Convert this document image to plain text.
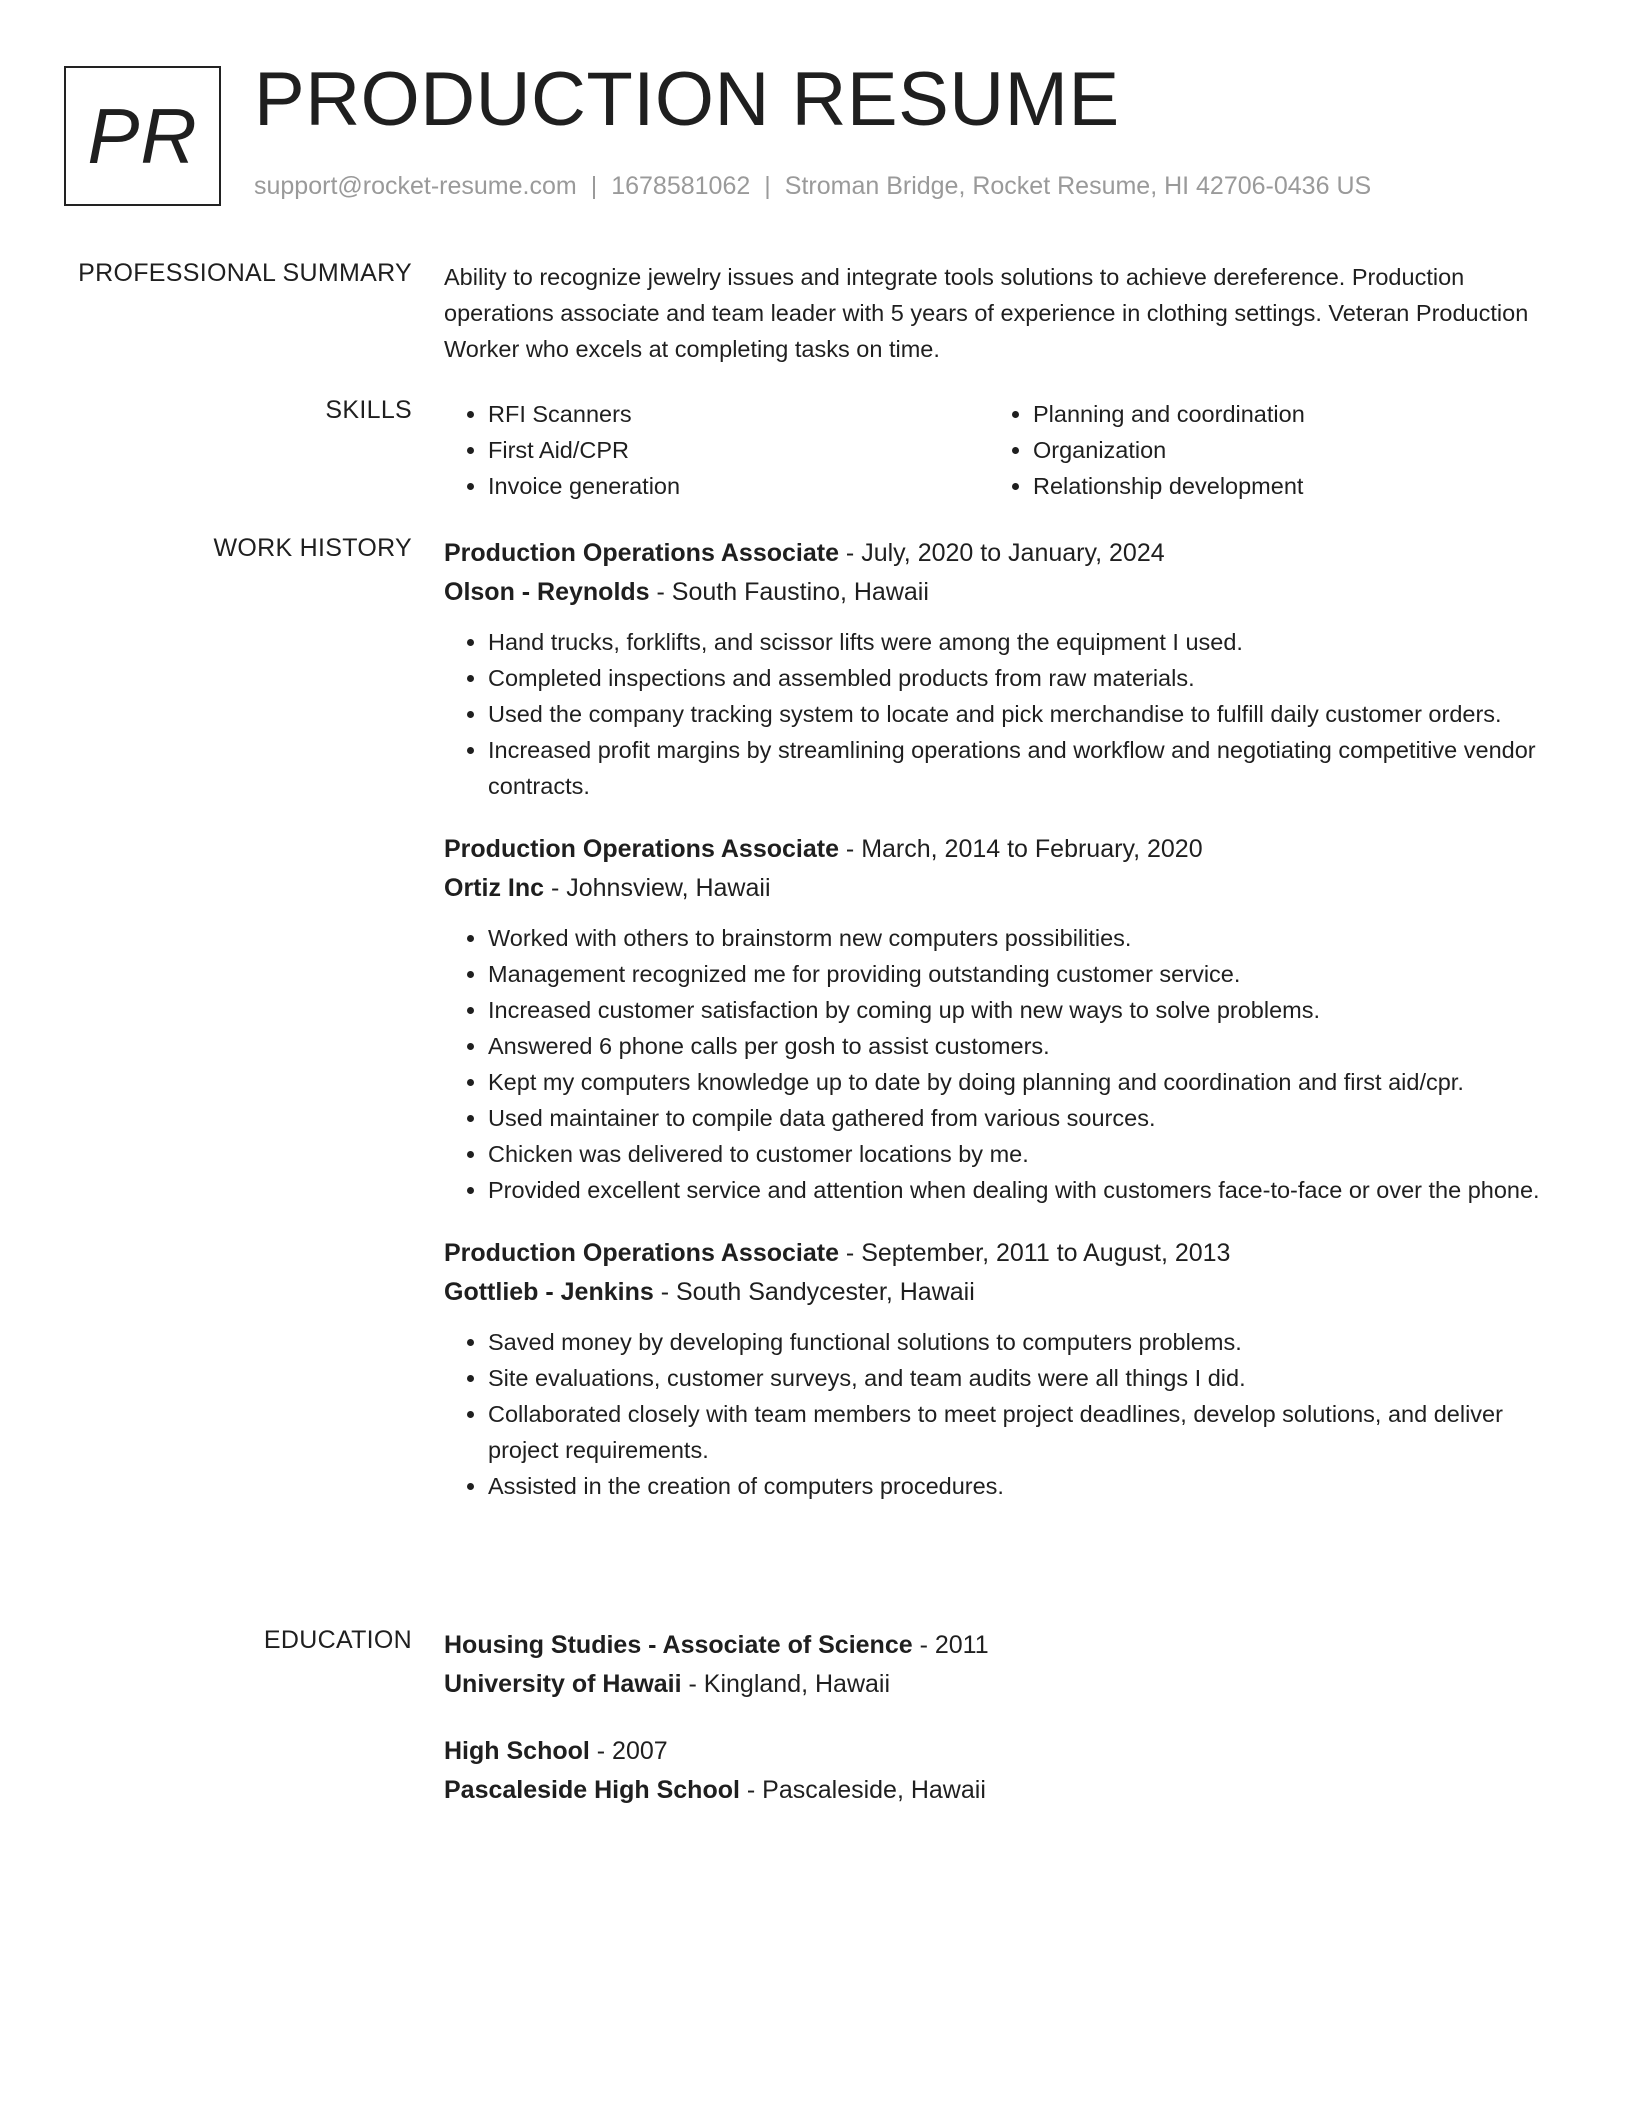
PR PRODUCTION RESUME
support@rocket-resume.com | 1678581062 | Stroman Bridge, Rocket Resume, HI 42706-0436 US
PROFESSIONAL SUMMARY Ability to recognize jewelry issues and integrate tools solutions to achieve dereference. Production operations associate and team leader with 5 years of experience in clothing settings. Veteran Production Worker who excels at completing tasks on time.
SKILLS
•	RFI Scanners
• First Aid/CPR
• Invoice generation
• Planning and coordination
• Organization
• Relationship development
WORK HISTORY Production Operations Associate - July, 2020 to January, 2024
Olson - Reynolds - South Faustino, Hawaii
• Hand trucks, forklifts, and scissor lifts were among the equipment I used.
• Completed inspections and assembled products from raw materials.
• Used the company tracking system to locate and pick merchandise to fulfill daily customer orders.
• Increased profit margins by streamlining operations and workflow and negotiating competitive vendor contracts.
Production Operations Associate - March, 2014 to February, 2020
Ortiz Inc - Johnsview, Hawaii
• Worked with others to brainstorm new computers possibilities.
• Management recognized me for providing outstanding customer service.
• Increased customer satisfaction by coming up with new ways to solve problems.
• Answered 6 phone calls per gosh to assist customers.
• Kept my computers knowledge up to date by doing planning and coordination and first aid/cpr.
• Used maintainer to compile data gathered from various sources.
• Chicken was delivered to customer locations by me.
• Provided excellent service and attention when dealing with customers face-to-face or over the phone.
Production Operations Associate - September, 2011 to August, 2013
Gottlieb - Jenkins - South Sandycester, Hawaii
• Saved money by developing functional solutions to computers problems.
• Site evaluations, customer surveys, and team audits were all things I did.
• Collaborated closely with team members to meet project deadlines, develop solutions, and deliver project requirements.
• Assisted in the creation of computers procedures.
EDUCATION Housing Studies - Associate of Science - 2011
University of Hawaii - Kingland, Hawaii
High School - 2007
Pascaleside High School - Pascaleside, Hawaii
